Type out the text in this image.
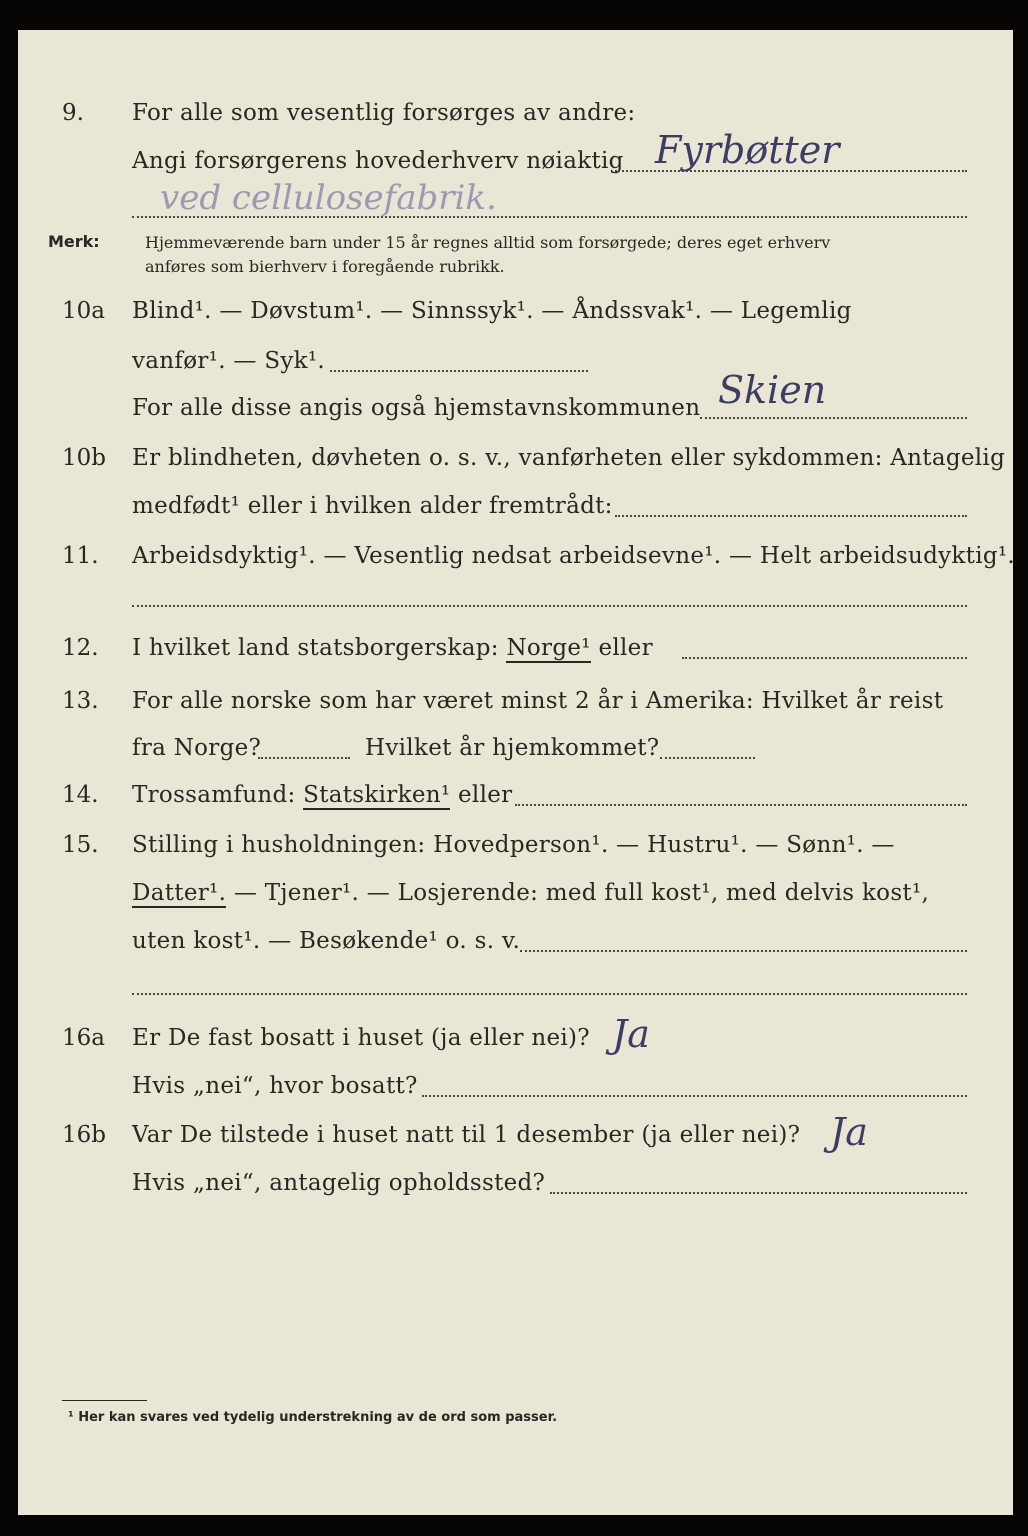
9. For alle som vesentlig forsørges av andre:
Angi forsørgerens hovederhverv nøiaktig Fyrbøtter
ved cellulosefabrik.
Merk:	Hjemmeværende barn under 15 år regnes alltid som forsørgede; deres eget erhverv
anføres som bierhverv i foregående rubrikk.
10a Blind¹. — Døvstum¹. — Sinnssyk¹. — Åndssvak¹. — Legemlig
vanfør¹. — Syk¹.
For alle disse angis også hjemstavnskommunen Skien
10b Er blindheten, døvheten o. s. v., vanførheten eller sykdommen: Antagelig
medfødt¹ eller i hvilken alder fremtrådt:
11. Arbeidsdyktig¹. — Vesentlig nedsat arbeidsevne¹. — Helt arbeidsudyktig¹.
12. I hvilket land statsborgerskap: Norge¹ eller
13. For alle norske som har været minst 2 år i Amerika: Hvilket år reist
fra Norge?	Hvilket år hjemkommet?
14. Trossamfund: Statskirken¹ eller
15. Stilling i husholdningen: Hovedperson¹. — Hustru¹. — Sønn¹. —
Datter¹. — Tjener¹. — Losjerende: med full kost¹, med delvis kost¹,
uten kost¹. — Besøkende¹ o. s. v.
16a Er De fast bosatt i huset (ja eller nei)? Ja
Hvis „nei“, hvor bosatt?
16b Var De tilstede i huset natt til 1 desember (ja eller nei)? Ja
Hvis „nei“, antagelig opholdssted?
¹ Her kan svares ved tydelig understrekning av de ord som passer.
